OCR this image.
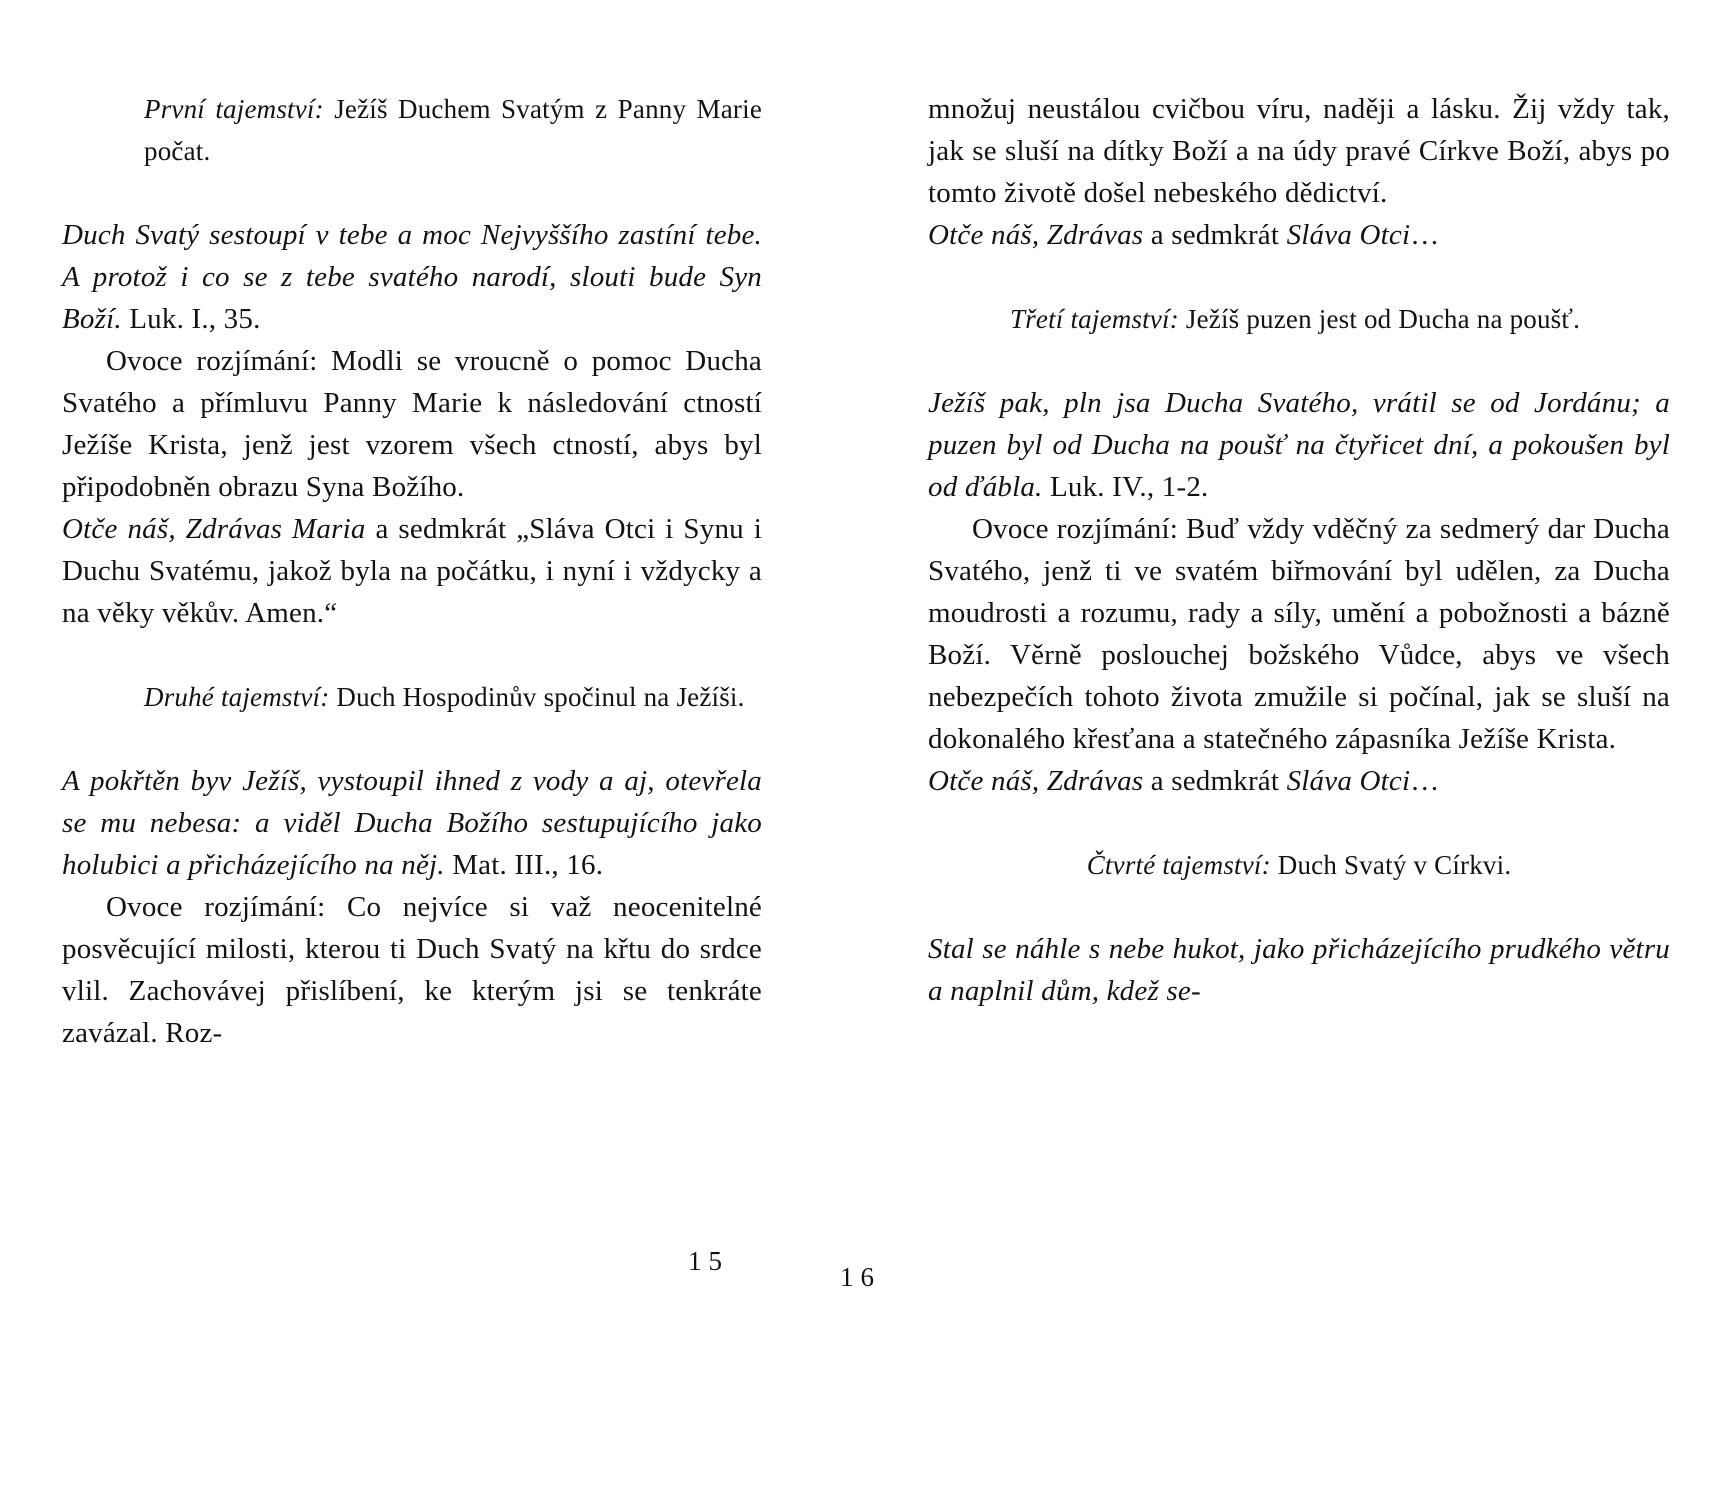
První tajemství: Ježíš Duchem Svatým z Panny Marie počat.

Duch Svatý sestoupí v tebe a moc Nejvyššího zastíní tebe. A protož i co se z tebe svatého narodí, slouti bude Syn Boží. Luk. I., 35.

Ovoce rozjímání: Modli se vroucně o pomoc Ducha Svatého a přímluvu Panny Marie k následování ctností Ježíše Krista, jenž jest vzorem všech ctností, abys byl připodobněn obrazu Syna Božího.

Otče náš, Zdrávas Maria a sedmkrát „Sláva Otci i Synu i Duchu Svatému, jakož byla na počátku, i nyní i vždycky a na věky věkův. Amen.“

Druhé tajemství: Duch Hospodinův spočinul na Ježíši.

A pokřtěn byv Ježíš, vystoupil ihned z vody a aj, otevřela se mu nebesa: a viděl Ducha Božího sestupujícího jako holubici a přicházejícího na něj. Mat. III., 16.

Ovoce rozjímání: Co nejvíce si važ neocenitelné posvěcující milosti, kterou ti Duch Svatý na křtu do srdce vlil. Zachovávej přislíbení, ke kterým jsi se tenkráte zavázal. Roz-

množuj neustálou cvičbou víru, naději a lásku. Žij vždy tak, jak se sluší na dítky Boží a na údy pravé Církve Boží, abys po tomto životě došel nebeského dědictví.

Otče náš, Zdrávas a sedmkrát Sláva Otci…

Třetí tajemství: Ježíš puzen jest od Ducha na poušť.

Ježíš pak, pln jsa Ducha Svatého, vrátil se od Jordánu; a puzen byl od Ducha na poušť na čtyřicet dní, a pokoušen byl od ďábla. Luk. IV., 1-2.

Ovoce rozjímání: Buď vždy vděčný za sedmerý dar Ducha Svatého, jenž ti ve svatém biřmování byl udělen, za Ducha moudrosti a rozumu, rady a síly, umění a pobožnosti a bázně Boží. Věrně poslouchej božského Vůdce, abys ve všech nebezpečích tohoto života zmužile si počínal, jak se sluší na dokonalého křesťana a statečného zápasníka Ježíše Krista.

Otče náš, Zdrávas a sedmkrát Sláva Otci…

Čtvrté tajemství: Duch Svatý v Církvi.

Stal se náhle s nebe hukot, jako přicházejícího prudkého větru a naplnil dům, kdež se-

15
16
